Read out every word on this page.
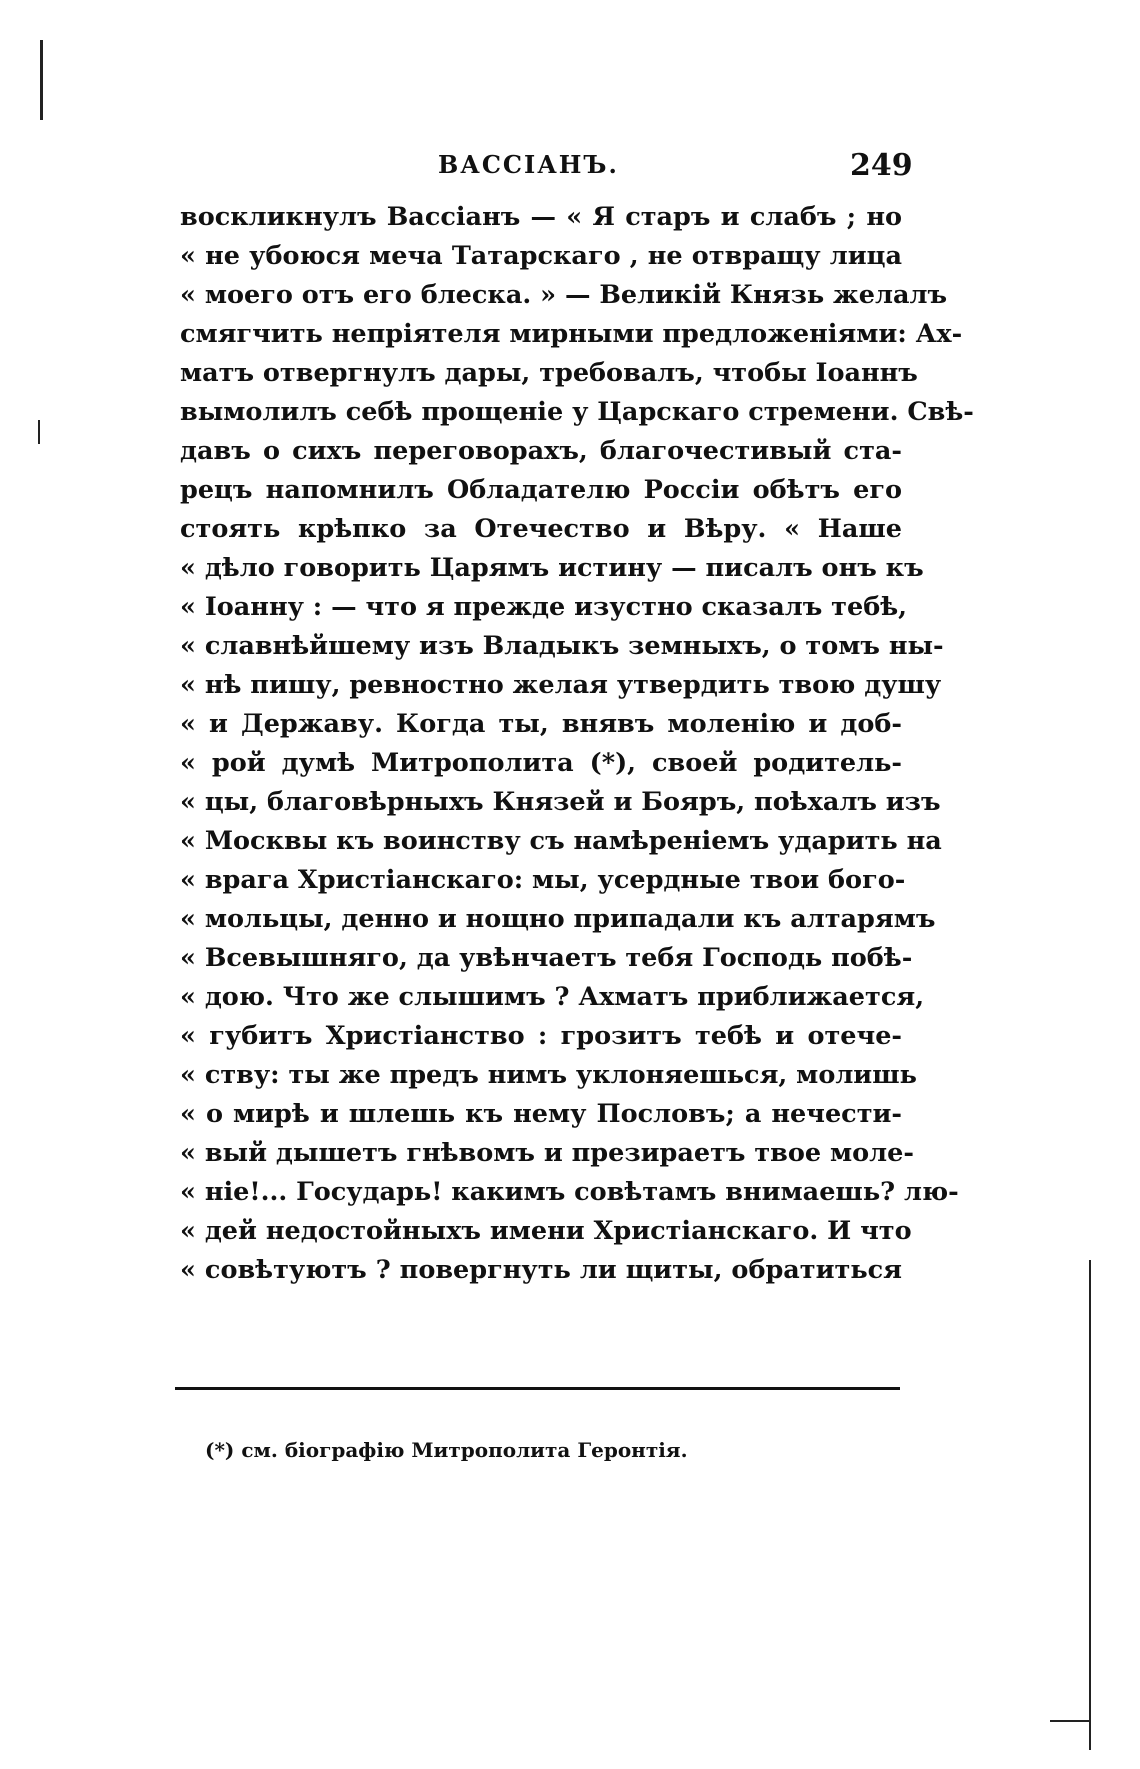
ВАССІАНЪ.	249
воскликнулъ Вассіанъ — « Я старъ и слабъ ; но
« не убоюся меча Татарскаго , не отвращу лица
« моего отъ его блеска. » — Великій Князь желалъ
смягчить непріятеля мирными предложеніями: Ах-
матъ отвергнулъ дары, требовалъ, чтобы Іоаннъ
вымолилъ себѣ прощеніе у Царскаго стремени. Свѣ-
давъ о сихъ переговорахъ, благочестивый ста-
рецъ напомнилъ Обладателю Россіи обѣтъ его
стоять крѣпко за Отечество и Вѣру. « Наше
« дѣло говорить Царямъ истину — писалъ онъ къ
« Іоанну : — что я прежде изустно сказалъ тебѣ,
« славнѣйшему изъ Владыкъ земныхъ, о томъ ны-
« нѣ пишу, ревностно желая утвердить твою душу
« и Державу. Когда ты, внявъ моленію и доб-
« рой думѣ Митрополита (*), своей родитель-
« цы, благовѣрныхъ Князей и Бояръ, поѣхалъ изъ
« Москвы къ воинству съ намѣреніемъ ударить на
« врага Христіанскаго: мы, усердные твои бого-
« мольцы, денно и нощно припадали къ алтарямъ
« Всевышняго, да увѣнчаетъ тебя Господь побѣ-
« дою. Что же слышимъ ? Ахматъ приближается,
« губитъ Христіанство : грозитъ тебѣ и отече-
« ству: ты же предъ нимъ уклоняешься, молишь
« о мирѣ и шлешь къ нему Пословъ; а нечести-
« вый дышетъ гнѣвомъ и презираетъ твое моле-
« ніе!... Государь! какимъ совѣтамъ внимаешь? лю-
« дей недостойныхъ имени Христіанскаго. И что
« совѣтуютъ ? повергнуть ли щиты, обратиться
(*) см. біографію Митрополита Геронтія.
